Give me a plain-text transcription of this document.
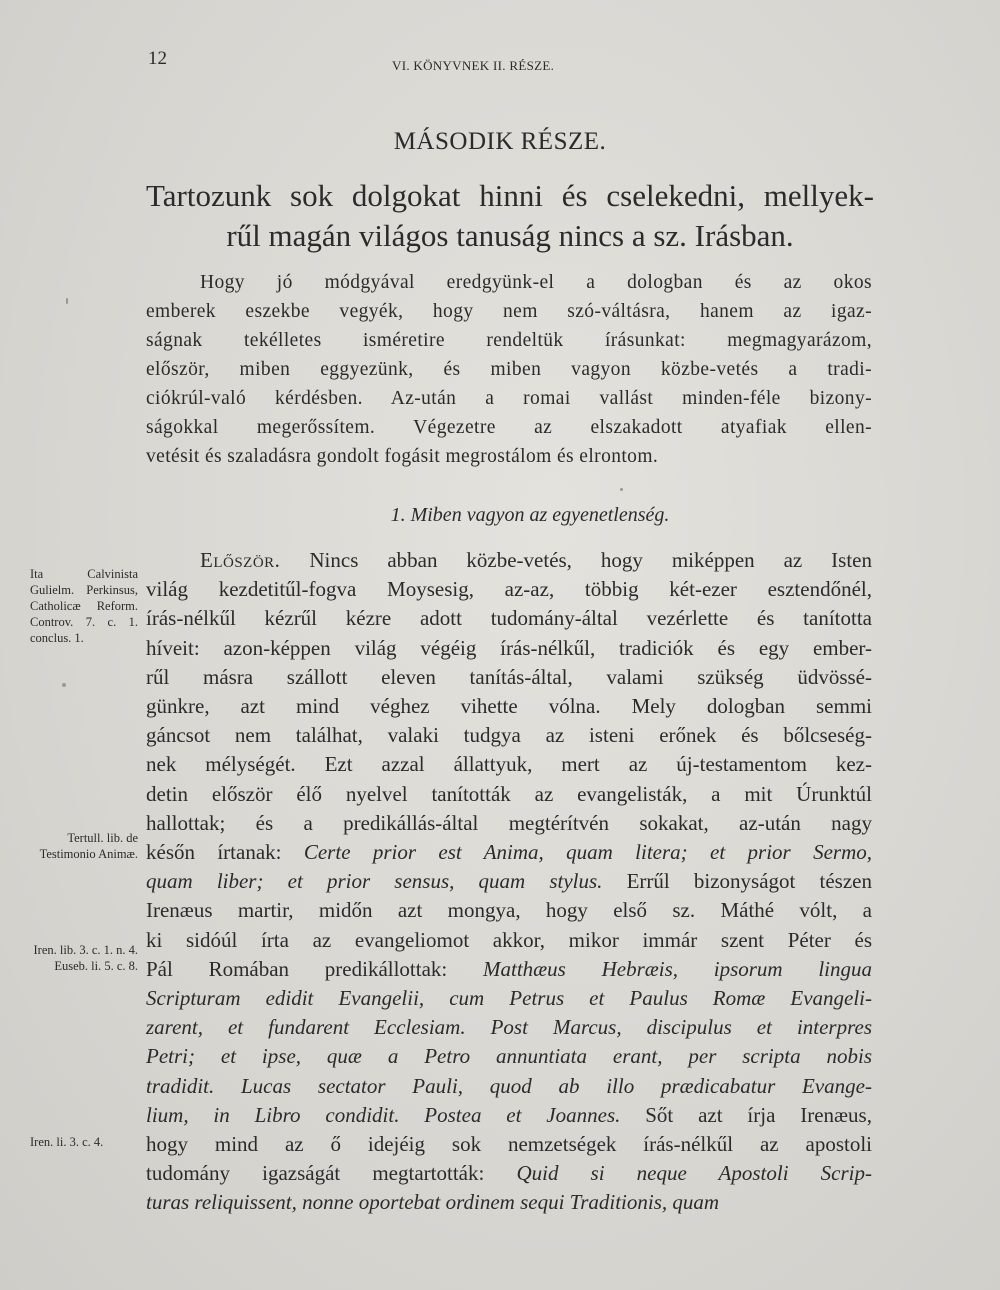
12	VI. KÖNYVNEK II. RÉSZE.
MÁSODIK RÉSZE.
Tartozunk sok dolgokat hinni és cselekedni, mellyek-
rűl magán világos tanuság nincs a sz. Irásban.
Hogy jó módgyával eredgyünk-el a dologban és az okos
emberek eszekbe vegyék, hogy nem szó-váltásra, hanem az igaz-
ságnak tekélletes isméretire rendeltük írásunkat: megmagyarázom,
először, miben eggyezünk, és miben vagyon közbe-vetés a tradi-
ciókrúl-való kérdésben. Az-után a romai vallást minden-féle bizony-
ságokkal megerőssítem. Végezetre az elszakadott atyafiak ellen-
vetésit és szaladásra gondolt fogásit megrostálom és elrontom.
1. Miben vagyon az egyenetlenség.
Először. Nincs abban közbe-vetés, hogy miképpen az Isten
világ kezdetitűl-fogva Moysesig, az-az, többig két-ezer esztendőnél,
írás-nélkűl kézrűl kézre adott tudomány-által vezérlette és tanította
híveit: azon-képpen világ végéig írás-nélkűl, tradiciók és egy ember-
rűl másra szállott eleven tanítás-által, valami szükség üdvössé-
günkre, azt mind véghez vihette vólna. Mely dologban semmi
gáncsot nem találhat, valaki tudgya az isteni erőnek és bőlcseség-
nek mélységét. Ezt azzal állattyuk, mert az új-testamentom kez-
detin először élő nyelvel tanították az evangelisták, a mit Úrunktúl
hallottak; és a predikállás-által megtérítvén sokakat, az-után nagy
későn írtanak: Certe prior est Anima, quam litera; et prior Sermo,
quam liber; et prior sensus, quam stylus. Errűl bizonyságot tészen
Irenæus martir, midőn azt mongya, hogy első sz. Máthé vólt, a
ki sidóúl írta az evangeliomot akkor, mikor immár szent Péter és
Pál Romában predikállottak: Matthæus Hebræis, ipsorum lingua
Scripturam edidit Evangelii, cum Petrus et Paulus Romæ Evangeli-
zarent, et fundarent Ecclesiam. Post Marcus, discipulus et interpres
Petri; et ipse, quæ a Petro annuntiata erant, per scripta nobis
tradidit. Lucas sectator Pauli, quod ab illo prædicabatur Evange-
lium, in Libro condidit. Postea et Joannes. Sőt azt írja Irenæus,
hogy mind az ő idejéig sok nemzetségek írás-nélkűl az apostoli
tudomány igazságát megtartották: Quid si neque Apostoli Scrip-
turas reliquissent, nonne oportebat ordinem sequi Traditionis, quam
Ita Calvinista Gulielm. Perkinsus, Catholicæ Reform. Controv. 7. c. 1. conclus. 1.
Tertull. lib. de Testimonio Animæ.
Iren. lib. 3. c. 1. n. 4. Euseb. li. 5. c. 8.
Iren. li. 3. c. 4.
